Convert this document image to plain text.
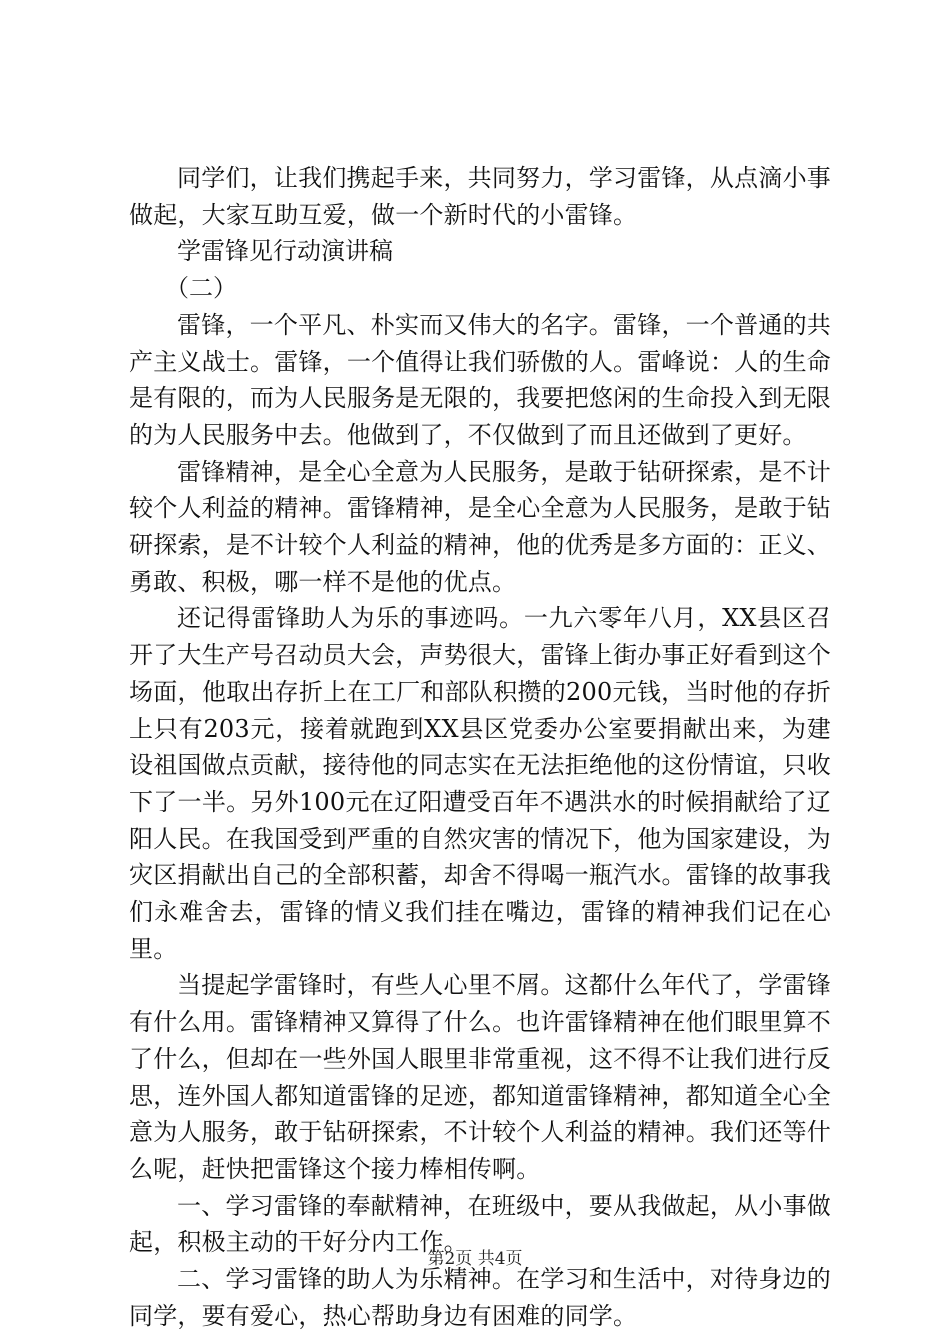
同学们，让我们携起手来，共同努力，学习雷锋，从点滴小事做起，大家互助互爱，做一个新时代的小雷锋。

学雷锋见行动演讲稿

（二）

雷锋，一个平凡、朴实而又伟大的名字。雷锋，一个普通的共产主义战士。雷锋，一个值得让我们骄傲的人。雷峰说：人的生命是有限的，而为人民服务是无限的，我要把悠闲的生命投入到无限的为人民服务中去。他做到了，不仅做到了而且还做到了更好。

雷锋精神，是全心全意为人民服务，是敢于钻研探索，是不计较个人利益的精神。雷锋精神，是全心全意为人民服务，是敢于钻研探索，是不计较个人利益的精神，他的优秀是多方面的：正义、勇敢、积极，哪一样不是他的优点。

还记得雷锋助人为乐的事迹吗。一九六零年八月，XX县区召开了大生产号召动员大会，声势很大，雷锋上街办事正好看到这个场面，他取出存折上在工厂和部队积攒的200元钱，当时他的存折上只有203元，接着就跑到XX县区党委办公室要捐献出来，为建设祖国做点贡献，接待他的同志实在无法拒绝他的这份情谊，只收下了一半。另外100元在辽阳遭受百年不遇洪水的时候捐献给了辽阳人民。在我国受到严重的自然灾害的情况下，他为国家建设，为灾区捐献出自己的全部积蓄，却舍不得喝一瓶汽水。雷锋的故事我们永难舍去，雷锋的情义我们挂在嘴边，雷锋的精神我们记在心里。

当提起学雷锋时，有些人心里不屑。这都什么年代了，学雷锋有什么用。雷锋精神又算得了什么。也许雷锋精神在他们眼里算不了什么，但却在一些外国人眼里非常重视，这不得不让我们进行反思，连外国人都知道雷锋的足迹，都知道雷锋精神，都知道全心全意为人服务，敢于钻研探索，不计较个人利益的精神。我们还等什么呢，赶快把雷锋这个接力棒相传啊。

一、学习雷锋的奉献精神，在班级中，要从我做起，从小事做起，积极主动的干好分内工作。

二、学习雷锋的助人为乐精神。在学习和生活中，对待身边的同学，要有爱心，热心帮助身边有困难的同学。

第2页 共4页
